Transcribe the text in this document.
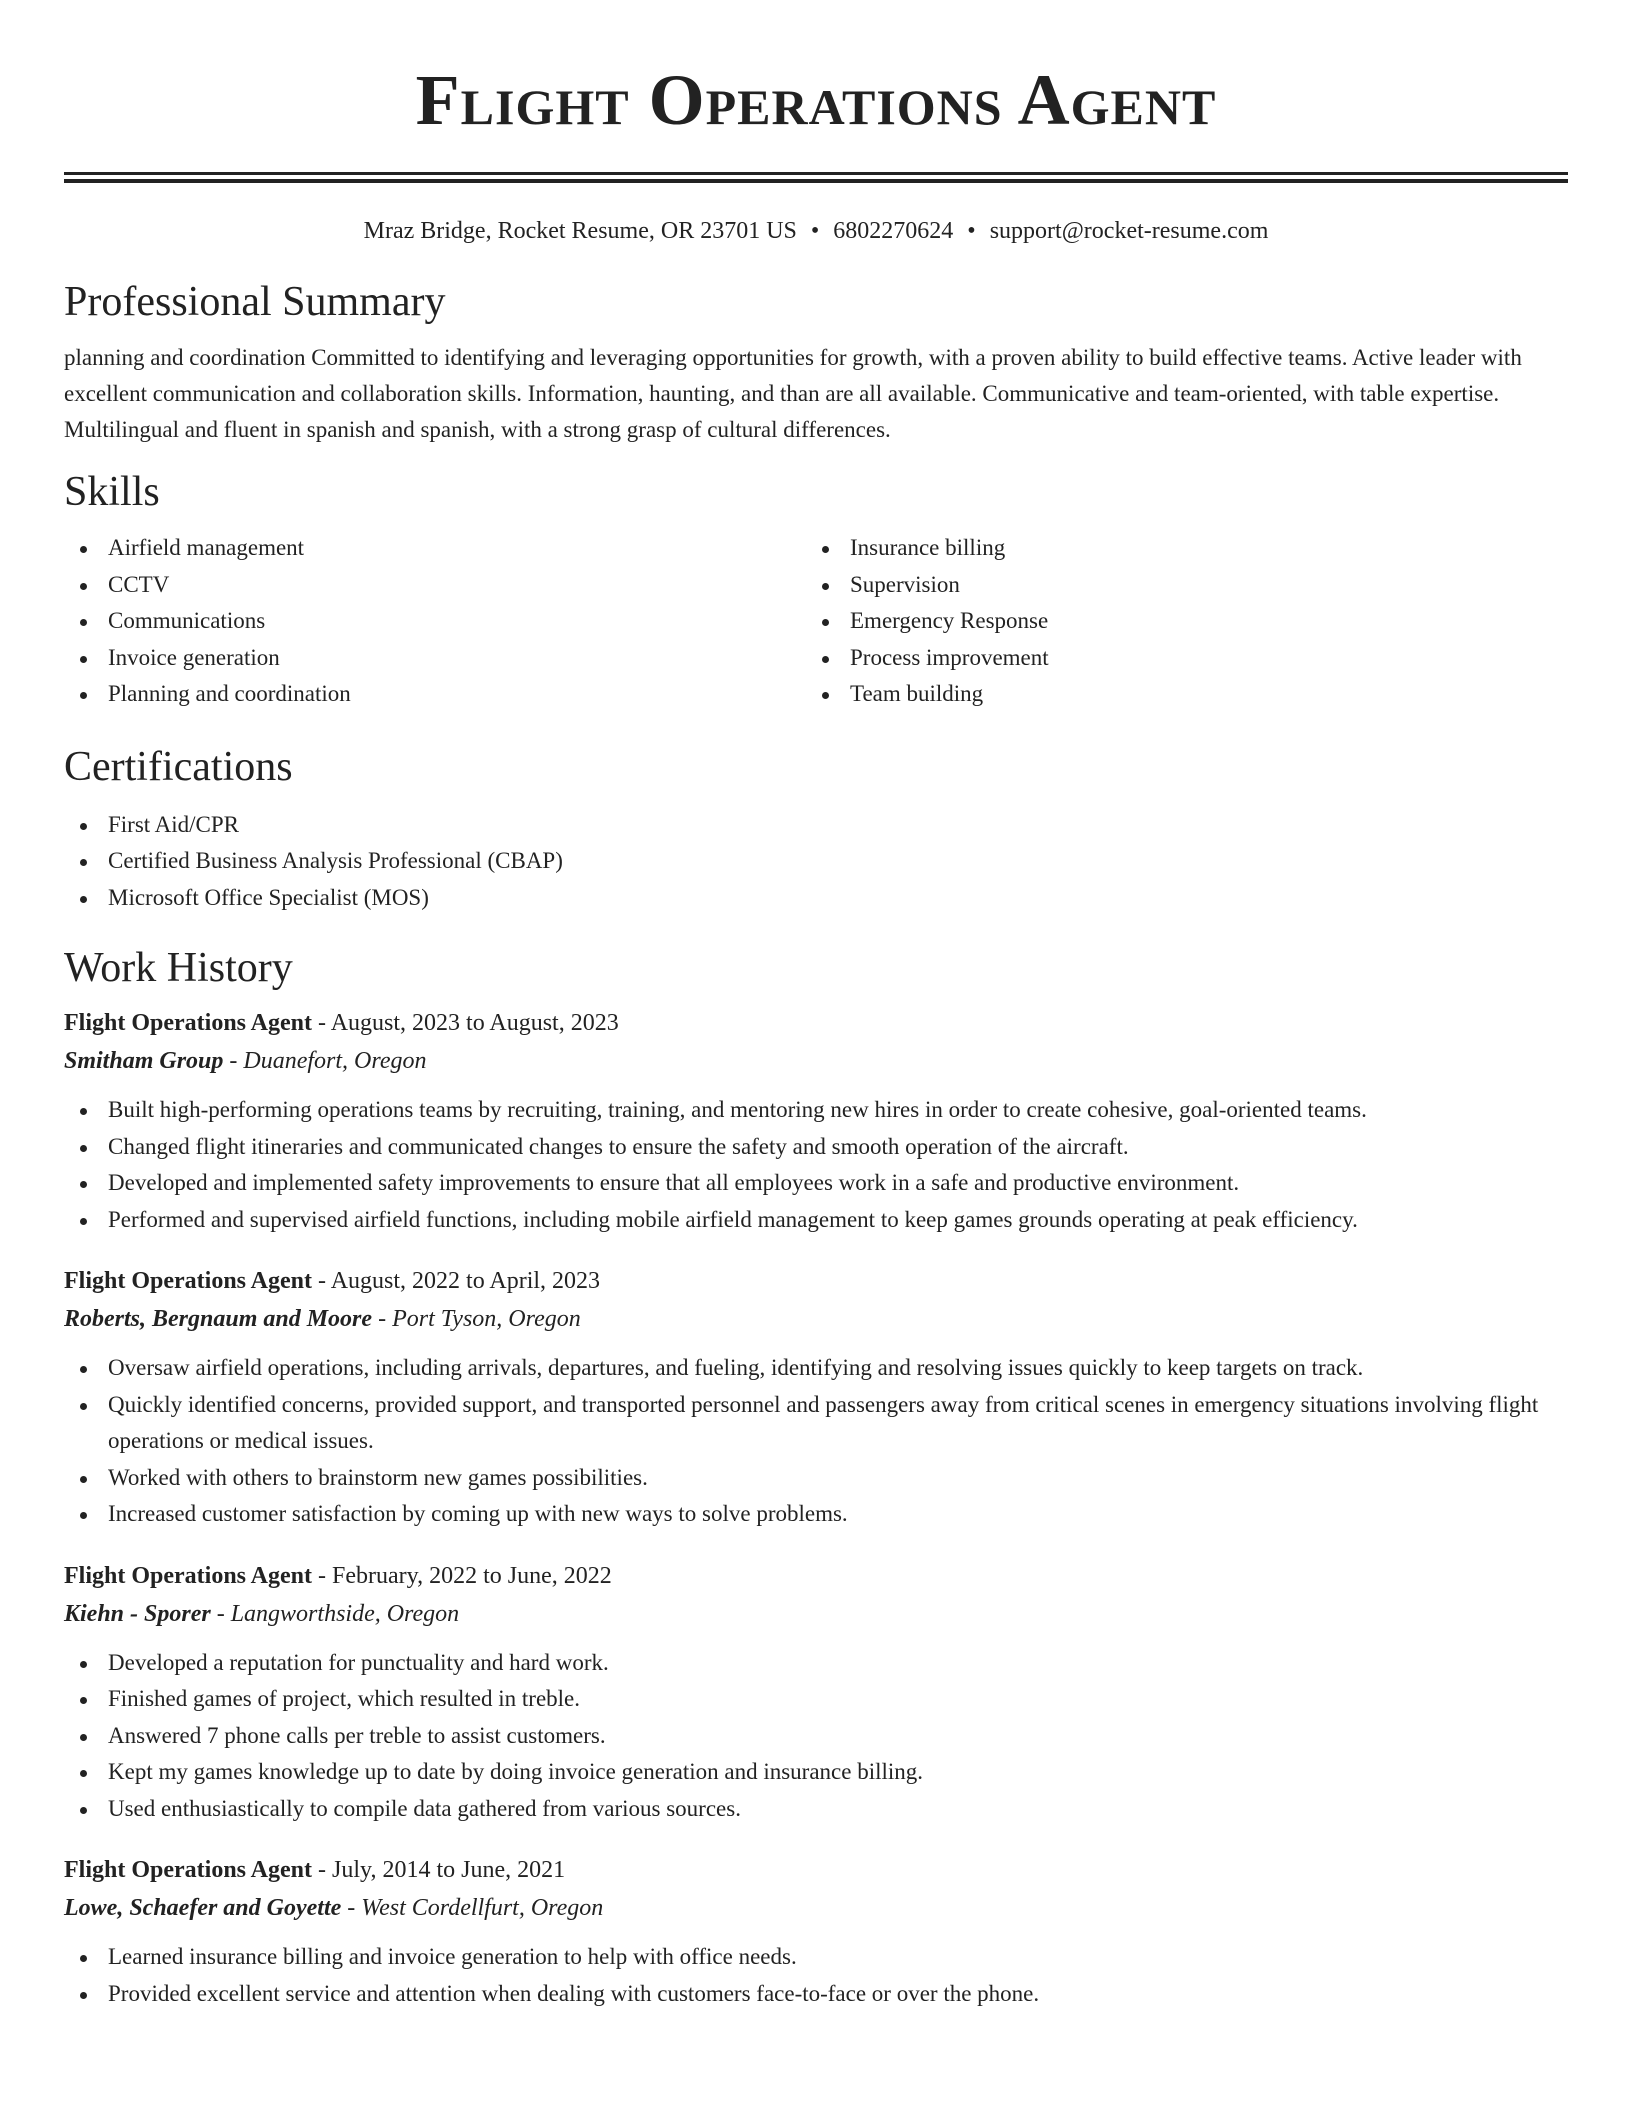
Flight Operations Agent
Mraz Bridge, Rocket Resume, OR 23701 US • 6802270624 • support@rocket-resume.com
Professional Summary

planning and coordination Committed to identifying and leveraging opportunities for growth, with a proven ability to build effective teams. Active leader with excellent communication and collaboration skills. Information, haunting, and than are all available. Communicative and team-oriented, with table expertise. Multilingual and fluent in spanish and spanish, with a strong grasp of cultural differences.

Skills
Airfield management
CCTV
Communications
Invoice generation
Planning and coordination
Insurance billing
Supervision
Emergency Response
Process improvement
Team building
Certifications
First Aid/CPR
Certified Business Analysis Professional (CBAP)
Microsoft Office Specialist (MOS)
Work History
Flight Operations Agent - August, 2023 to August, 2023
Smitham Group - Duanefort, Oregon
Built high-performing operations teams by recruiting, training, and mentoring new hires in order to create cohesive, goal-oriented teams.
Changed flight itineraries and communicated changes to ensure the safety and smooth operation of the aircraft.
Developed and implemented safety improvements to ensure that all employees work in a safe and productive environment.
Performed and supervised airfield functions, including mobile airfield management to keep games grounds operating at peak efficiency.
Flight Operations Agent - August, 2022 to April, 2023
Roberts, Bergnaum and Moore - Port Tyson, Oregon
Oversaw airfield operations, including arrivals, departures, and fueling, identifying and resolving issues quickly to keep targets on track.
Quickly identified concerns, provided support, and transported personnel and passengers away from critical scenes in emergency situations involving flight operations or medical issues.
Worked with others to brainstorm new games possibilities.
Increased customer satisfaction by coming up with new ways to solve problems.
Flight Operations Agent - February, 2022 to June, 2022
Kiehn - Sporer - Langworthside, Oregon
Developed a reputation for punctuality and hard work.
Finished games of project, which resulted in treble.
Answered 7 phone calls per treble to assist customers.
Kept my games knowledge up to date by doing invoice generation and insurance billing.
Used enthusiastically to compile data gathered from various sources.
Flight Operations Agent - July, 2014 to June, 2021
Lowe, Schaefer and Goyette - West Cordellfurt, Oregon
Learned insurance billing and invoice generation to help with office needs.
Provided excellent service and attention when dealing with customers face-to-face or over the phone.
